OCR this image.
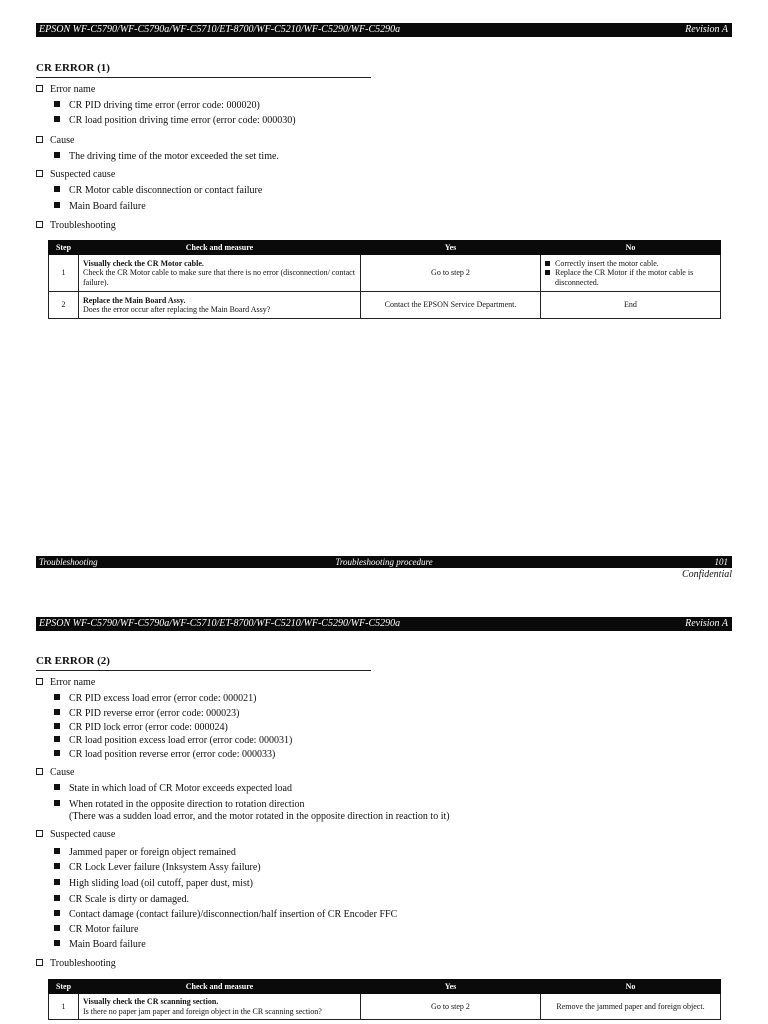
EPSON WF-C5790/WF-C5790a/WF-C5710/ET-8700/WF-C5210/WF-C5290/WF-C5290a	Revision A
CR ERROR (1)
Error name
CR PID driving time error (error code: 000020)
CR load position driving time error (error code: 000030)
Cause
The driving time of the motor exceeded the set time.
Suspected cause
CR Motor cable disconnection or contact failure
Main Board failure
Troubleshooting
Step	Check and measure	Yes	No
1	Visually check the CR Motor cable.
Check the CR Motor cable to make sure that there is no error (disconnection/ contact failure).	Go to step 2	Correctly insert the motor cable.
Replace the CR Motor if the motor cable is disconnected.

2	Replace the Main Board Assy.
Does the error occur after replacing the Main Board Assy?	Contact the EPSON Service Department.	End
Troubleshooting	Troubleshooting procedure	101
Confidential
EPSON WF-C5790/WF-C5790a/WF-C5710/ET-8700/WF-C5210/WF-C5290/WF-C5290a	Revision A
CR ERROR (2)
Error name
CR PID excess load error (error code: 000021)
CR PID reverse error (error code: 000023)
CR PID lock error (error code: 000024)
CR load position excess load error (error code: 000031)
CR load position reverse error (error code: 000033)
Cause
State in which load of CR Motor exceeds expected load
When rotated in the opposite direction to rotation direction
(There was a sudden load error, and the motor rotated in the opposite direction in reaction to it)
Suspected cause
Jammed paper or foreign object remained
CR Lock Lever failure (Inksystem Assy failure)
High sliding load (oil cutoff, paper dust, mist)
CR Scale is dirty or damaged.
Contact damage (contact failure)/disconnection/half insertion of CR Encoder FFC
CR Motor failure
Main Board failure
Troubleshooting
Step	Check and measure	Yes	No
1	Visually check the CR scanning section.
Is there no paper jam paper and foreign object in the CR scanning section?	Go to step 2	Remove the jammed paper and foreign object.
